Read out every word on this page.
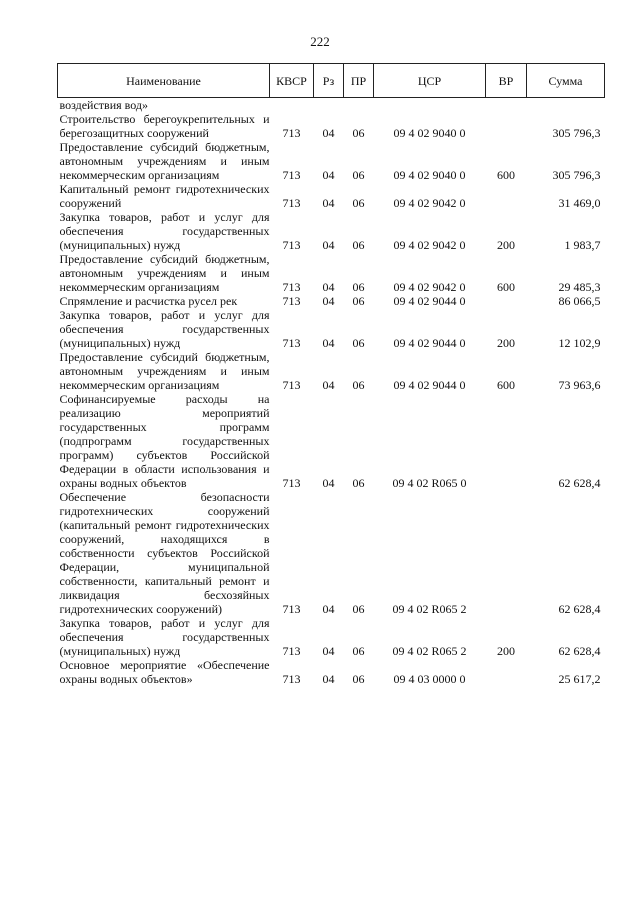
222
Наименование	КВСР	Рз	ПР	ЦСР	ВР	Сумма
воздействия вод»						
Строительство берегоукрепительных и берегозащитных сооружений	713	04	06	09 4 02 9040 0		305 796,3
Предоставление субсидий бюджетным, автономным учреждениям и иным некоммерческим организациям	713	04	06	09 4 02 9040 0	600	305 796,3
Капитальный ремонт гидротехнических сооружений	713	04	06	09 4 02 9042 0		31 469,0
Закупка товаров, работ и услуг для обеспечения государственных (муниципальных) нужд	713	04	06	09 4 02 9042 0	200	1 983,7
Предоставление субсидий бюджетным, автономным учреждениям и иным некоммерческим организациям	713	04	06	09 4 02 9042 0	600	29 485,3
Спрямление и расчистка русел рек	713	04	06	09 4 02 9044 0		86 066,5
Закупка товаров, работ и услуг для обеспечения государственных (муниципальных) нужд	713	04	06	09 4 02 9044 0	200	12 102,9
Предоставление субсидий бюджетным, автономным учреждениям и иным некоммерческим организациям	713	04	06	09 4 02 9044 0	600	73 963,6
Софинансируемые расходы на реализацию мероприятий государственных программ (подпрограмм государственных программ) субъектов Российской Федерации в области использования и охраны водных объектов	713	04	06	09 4 02 R065 0		62 628,4
Обеспечение безопасности гидротехнических сооружений (капитальный ремонт гидротехнических сооружений, находящихся в собственности субъектов Российской Федерации, муниципальной собственности, капитальный ремонт и ликвидация бесхозяйных гидротехнических сооружений)	713	04	06	09 4 02 R065 2		62 628,4
Закупка товаров, работ и услуг для обеспечения государственных (муниципальных) нужд	713	04	06	09 4 02 R065 2	200	62 628,4
Основное мероприятие «Обеспечение охраны водных объектов»	713	04	06	09 4 03 0000 0		25 617,2
